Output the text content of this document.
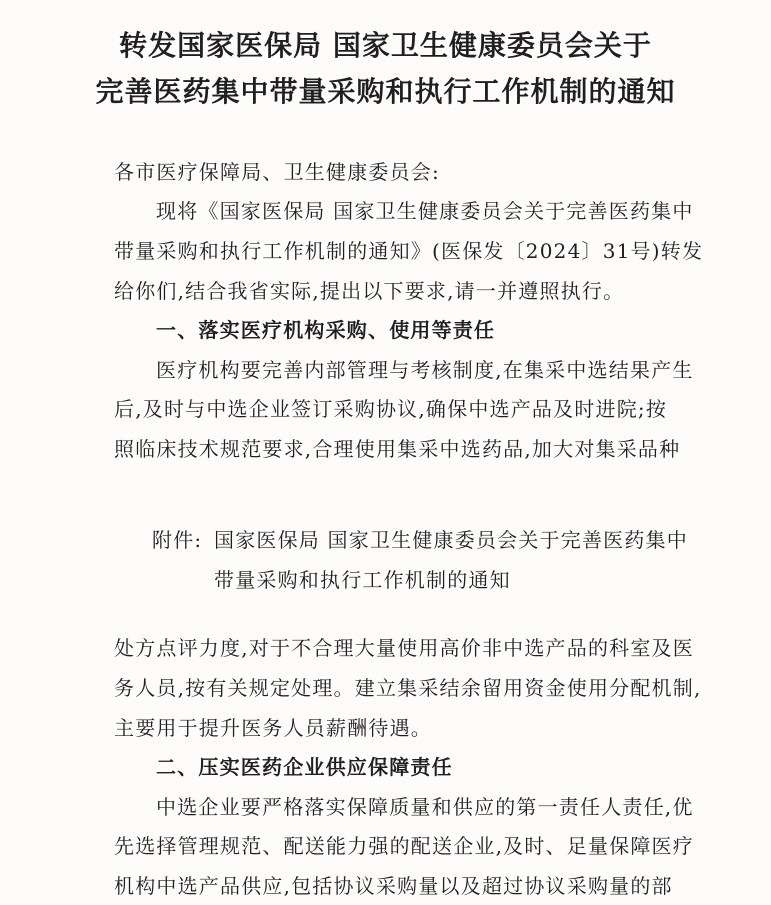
转发国家医保局 国家卫生健康委员会关于
完善医药集中带量采购和执行工作机制的通知
各市医疗保障局、卫生健康委员会:
现将《国家医保局 国家卫生健康委员会关于完善医药集中
带量采购和执行工作机制的通知》(医保发〔2024〕31号)转发
给你们,结合我省实际,提出以下要求,请一并遵照执行。
一、落实医疗机构采购、使用等责任
医疗机构要完善内部管理与考核制度,在集采中选结果产生
后,及时与中选企业签订采购协议,确保中选产品及时进院;按
照临床技术规范要求,合理使用集采中选药品,加大对集采品种
附件: 国家医保局 国家卫生健康委员会关于完善医药集中
带量采购和执行工作机制的通知
处方点评力度,对于不合理大量使用高价非中选产品的科室及医
务人员,按有关规定处理。建立集采结余留用资金使用分配机制,
主要用于提升医务人员薪酬待遇。
二、压实医药企业供应保障责任
中选企业要严格落实保障质量和供应的第一责任人责任,优
先选择管理规范、配送能力强的配送企业,及时、足量保障医疗
机构中选产品供应,包括协议采购量以及超过协议采购量的部
